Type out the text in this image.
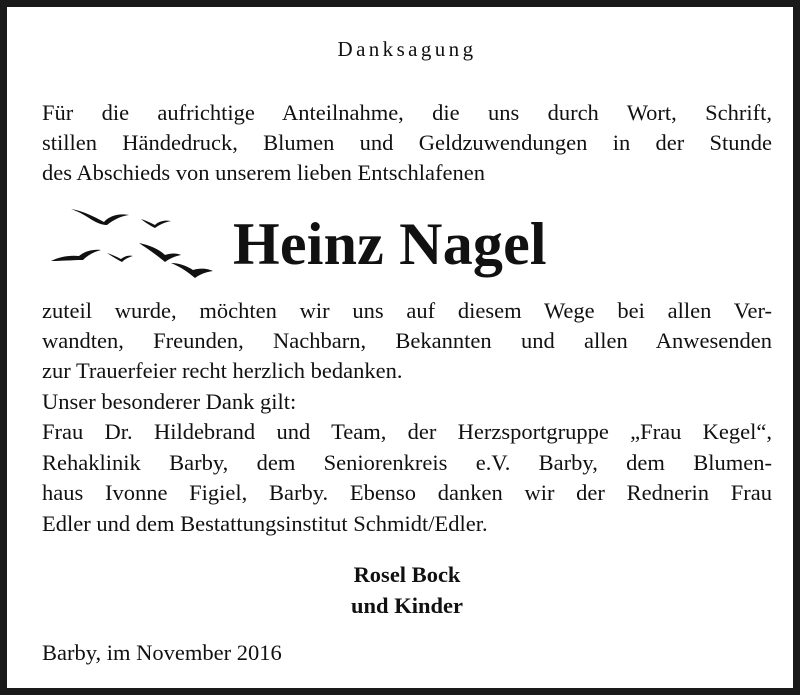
Danksagung

Für die aufrichtige Anteilnahme, die uns durch Wort, Schrift,

stillen Händedruck, Blumen und Geldzuwendungen in der Stunde

des Abschieds von unserem lieben Entschlafenen

Heinz Nagel

zuteil wurde, möchten wir uns auf diesem Wege bei allen Ver-

wandten, Freunden, Nachbarn, Bekannten und allen Anwesenden

zur Trauerfeier recht herzlich bedanken.

Unser besonderer Dank gilt:

Frau Dr. Hildebrand und Team, der Herzsportgruppe „Frau Kegel“,

Rehaklinik Barby, dem Seniorenkreis e.V. Barby, dem Blumen-

haus Ivonne Figiel, Barby. Ebenso danken wir der Rednerin Frau

Edler und dem Bestattungsinstitut Schmidt/Edler.

Rosel Bock

und Kinder

Barby, im November 2016
